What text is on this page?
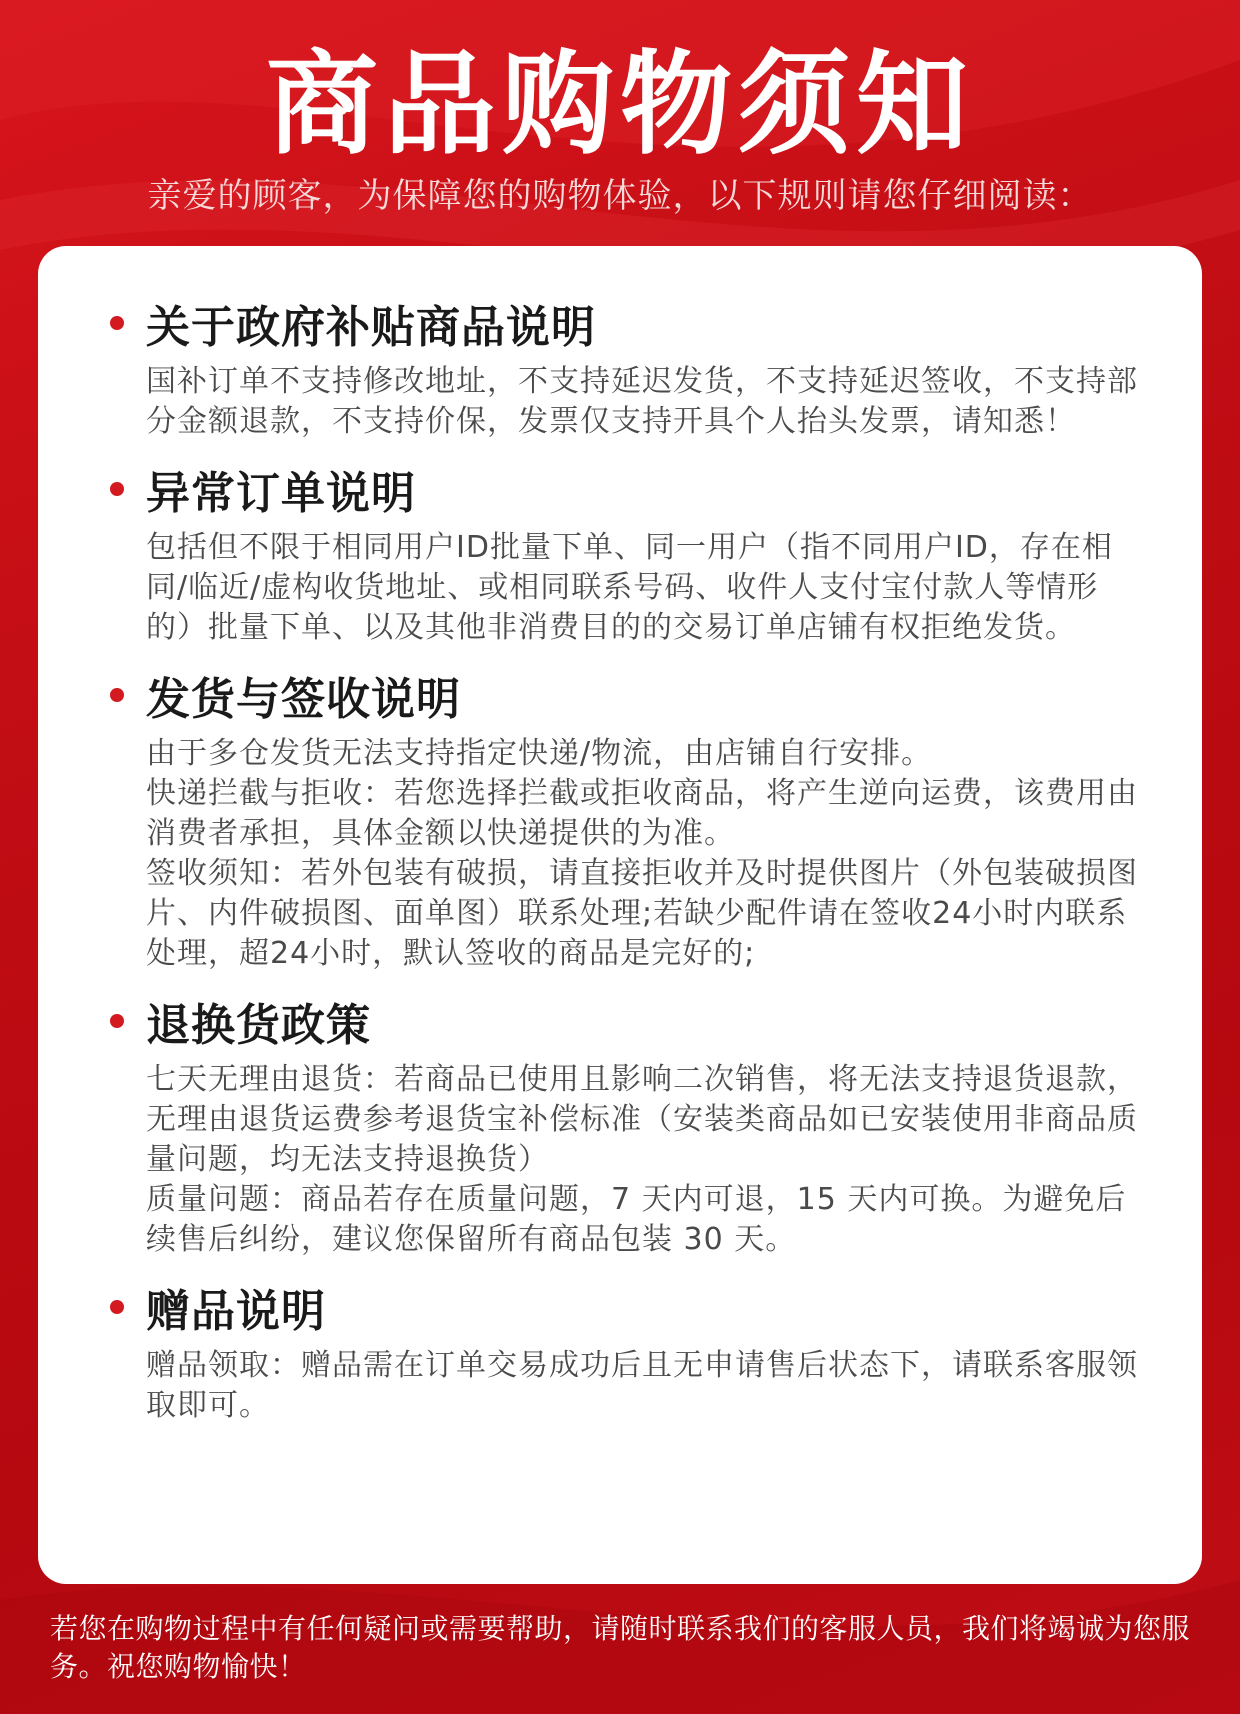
商品购物须知
亲爱的顾客，为保障您的购物体验，以下规则请您仔细阅读：
关于政府补贴商品说明

国补订单不支持修改地址，不支持延迟发货，不支持延迟签收，不支持部分金额退款，不支持价保，发票仅支持开具个人抬头发票，请知悉！

异常订单说明

包括但不限于相同用户ID批量下单、同一用户（指不同用户ID，存在相同/临近/虚构收货地址、或相同联系号码、收件人支付宝付款人等情形的）批量下单、以及其他非消费目的的交易订单店铺有权拒绝发货。

发货与签收说明

由于多仓发货无法支持指定快递/物流，由店铺自行安排。

快递拦截与拒收：若您选择拦截或拒收商品，将产生逆向运费，该费用由消费者承担，具体金额以快递提供的为准。

签收须知：若外包装有破损，请直接拒收并及时提供图片（外包装破损图片、内件破损图、面单图）联系处理;若缺少配件请在签收24小时内联系处理，超24小时，默认签收的商品是完好的;

退换货政策

七天无理由退货：若商品已使用且影响二次销售，将无法支持退货退款，无理由退货运费参考退货宝补偿标准（安装类商品如已安装使用非商品质量问题，均无法支持退换货）

质量问题：商品若存在质量问题，7 天内可退，15 天内可换。为避免后续售后纠纷，建议您保留所有商品包装 30 天。

赠品说明

赠品领取：赠品需在订单交易成功后且无申请售后状态下，请联系客服领取即可。

若您在购物过程中有任何疑问或需要帮助，请随时联系我们的客服人员，我们将竭诚为您服务。祝您购物愉快！
